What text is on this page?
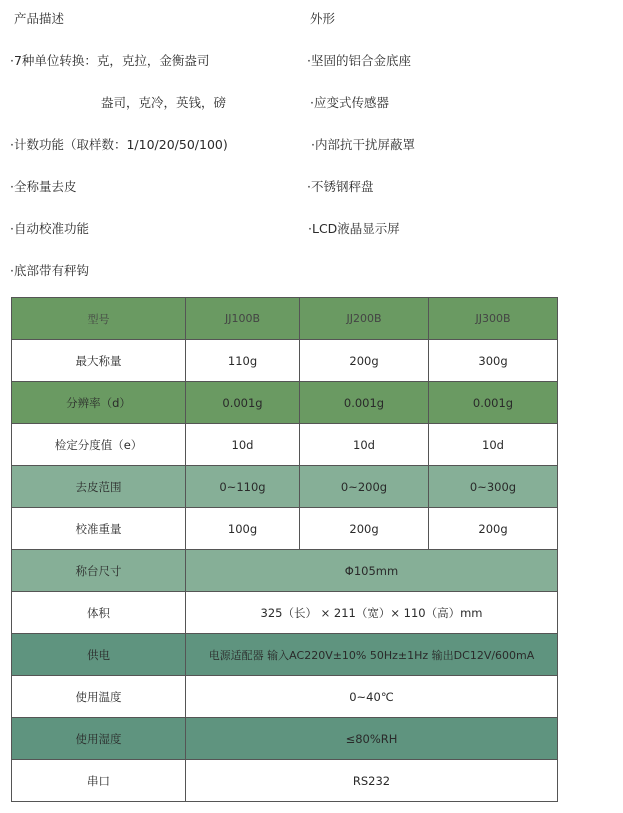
产品描述	外形
·7种单位转换：克，克拉，金衡盎司
盎司，克冷，英钱，磅
·计数功能（取样数：1/10/20/50/100)
·全称量去皮
·自动校准功能
·底部带有秤钩
·坚固的铝合金底座
·应变式传感器
·内部抗干扰屏蔽罩
·不锈钢秤盘
·LCD液晶显示屏
型号	JJ100B	JJ200B	JJ300B
最大称量	110g	200g	300g
分辨率（d）	0.001g	0.001g	0.001g
检定分度值（e）	10d	10d	10d
去皮范围	0~110g	0~200g	0~300g
校准重量	100g	200g	200g
称台尺寸	Φ105mm		
体积	325（长） × 211（宽）× 110（高）mm		
供电	电源适配器 输入AC220V±10% 50Hz±1Hz 输出DC12V/600mA		
使用温度	0~40℃		
使用湿度	≤80%RH		
串口	RS232		
